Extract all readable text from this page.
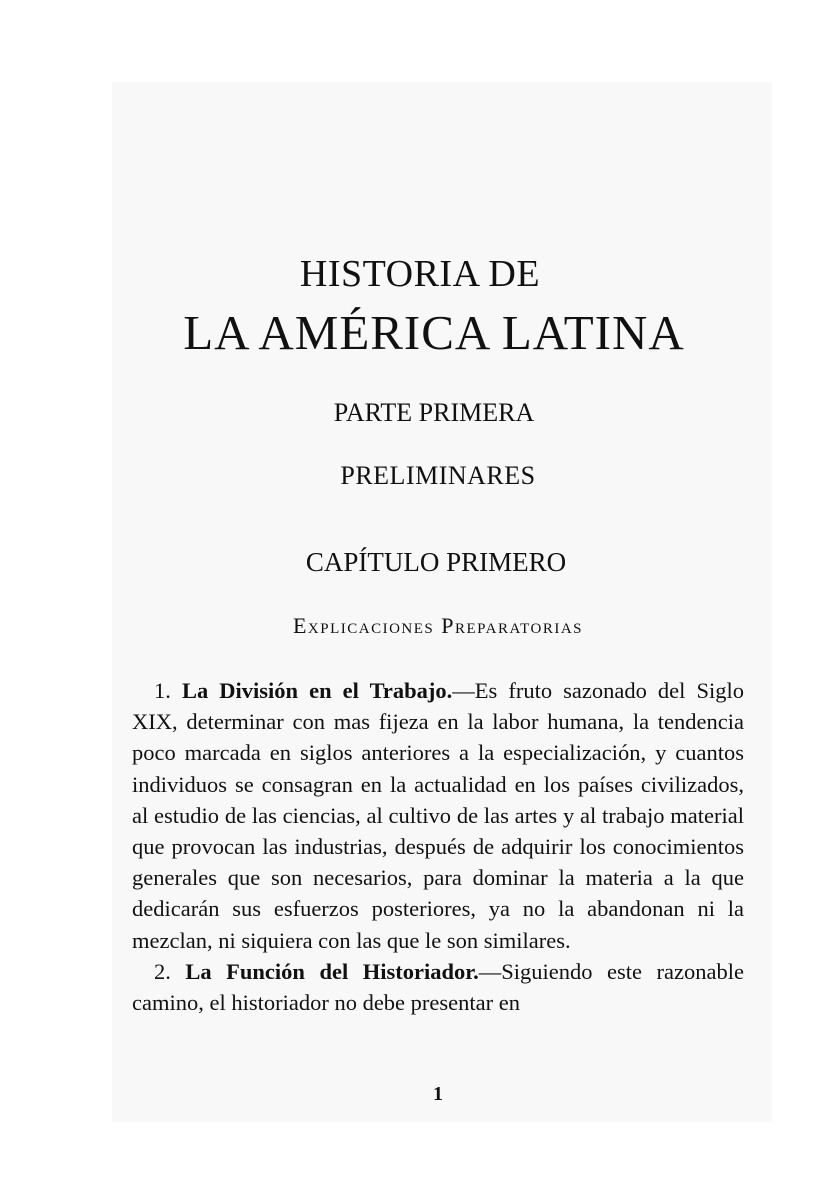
HISTORIA DE
LA AMÉRICA LATINA
PARTE PRIMERA
PRELIMINARES
CAPÍTULO PRIMERO
Explicaciones Preparatorias

1. La División en el Trabajo.—Es fruto sazonado del Siglo XIX, determinar con mas fijeza en la labor humana, la tendencia poco marcada en siglos anteriores a la especialización, y cuantos individuos se consagran en la actualidad en los países civilizados, al estudio de las ciencias, al cultivo de las artes y al trabajo material que provocan las industrias, después de adquirir los conocimientos generales que son necesarios, para dominar la materia a la que dedicarán sus esfuerzos posteriores, ya no la abandonan ni la mezclan, ni siquiera con las que le son similares.

2. La Función del Historiador.—Siguiendo este razonable camino, el historiador no debe presentar en

1
